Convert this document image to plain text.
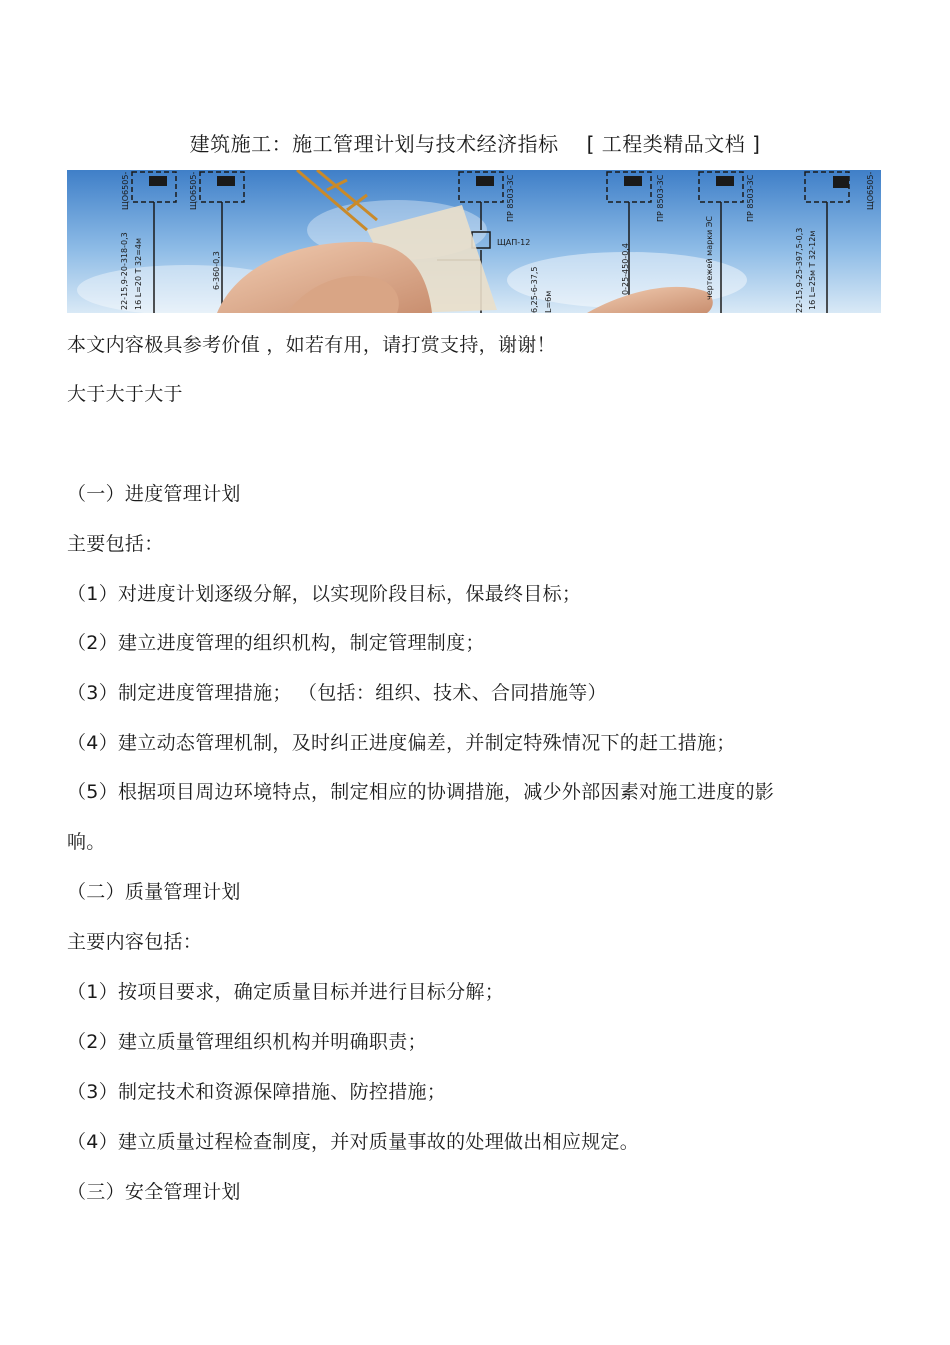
建筑施工：施工管理计划与技术经济指标 [ 工程类精品文档 ]
ЩО6505-	ЩО6505-	ПР 8503-3С	ПР 8503-3С	ПР 8503-3С	ЩО6505-
ЩАП-12
22-15,9-20-318-0,3 16 L=20 T 32=4м	6-360-0,3	6,25-6-37,5	0-25-450-0,4	чертежей марки ЭС	22-15,9-25-397,5-0,3 16 L=25м T 32-12м
L=6м
本文内容极具参考价值 ，如若有用，请打赏支持，谢谢！
大于大于大于
（一）进度管理计划
主要包括：
（1）对进度计划逐级分解，以实现阶段目标，保最终目标；
（2）建立进度管理的组织机构，制定管理制度；
（3）制定进度管理措施； （包括：组织、技术、合同措施等）
（4）建立动态管理机制，及时纠正进度偏差，并制定特殊情况下的赶工措施；
（5）根据项目周边环境特点，制定相应的协调措施，减少外部因素对施工进度的影
响。
（二）质量管理计划
主要内容包括：
（1）按项目要求，确定质量目标并进行目标分解；
（2）建立质量管理组织机构并明确职责；
（3）制定技术和资源保障措施、防控措施；
（4）建立质量过程检查制度，并对质量事故的处理做出相应规定。
（三）安全管理计划
